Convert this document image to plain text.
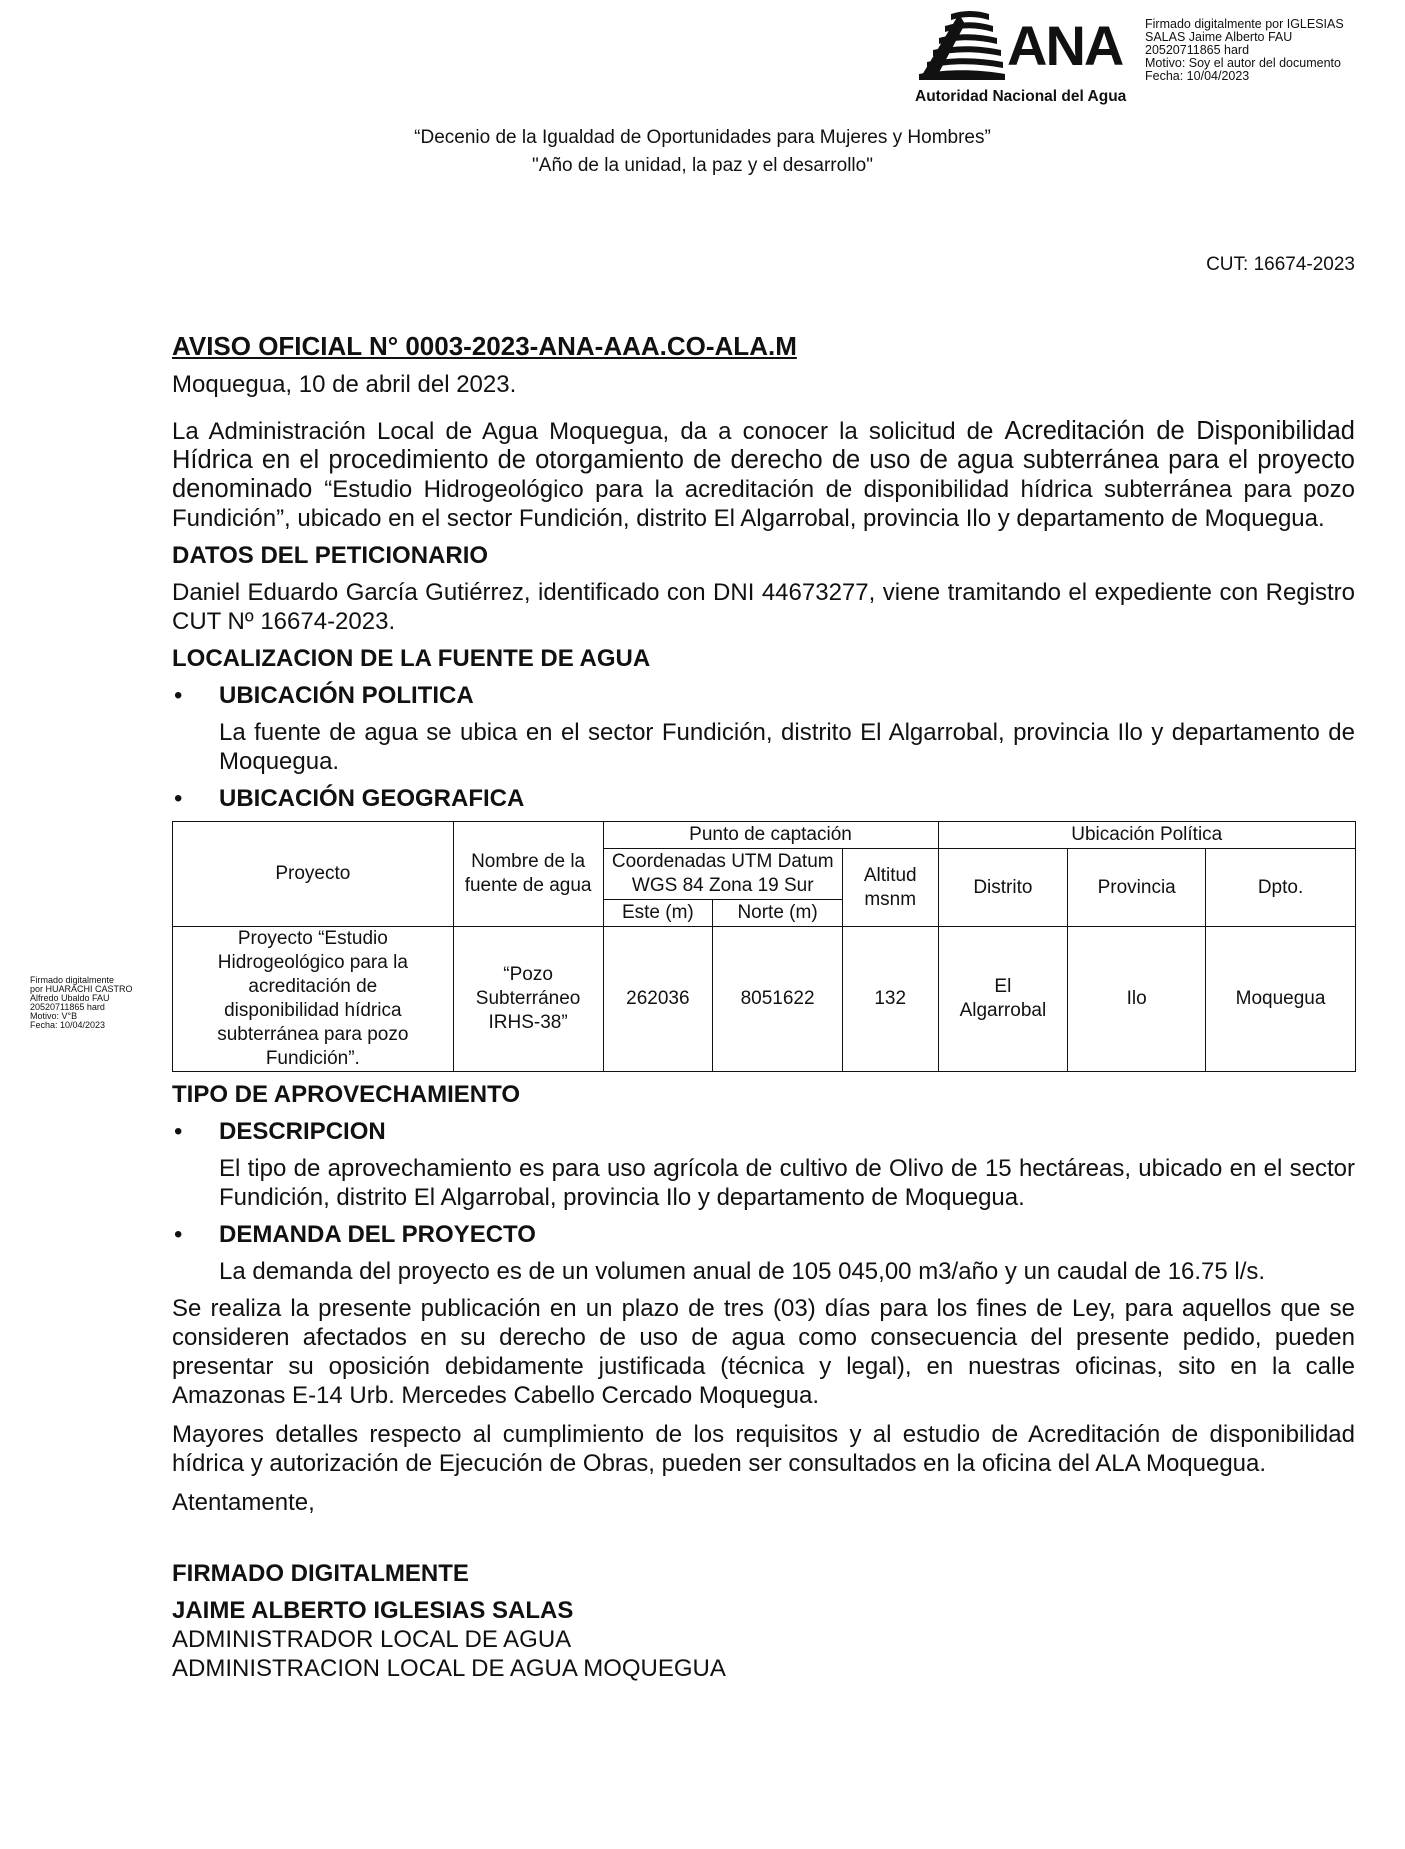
ANA
Autoridad Nacional del Agua
Firmado digitalmente por IGLESIAS
SALAS Jaime Alberto FAU
20520711865 hard
Motivo: Soy el autor del documento
Fecha: 10/04/2023
“Decenio de la Igualdad de Oportunidades para Mujeres y Hombres”
"Año de la unidad, la paz y el desarrollo"
CUT: 16674-2023
Firmado digitalmente
por HUARACHI CASTRO
Alfredo Ubaldo FAU
20520711865 hard
Motivo: V°B
Fecha: 10/04/2023

AVISO OFICIAL N° 0003-2023-ANA-AAA.CO-ALA.M

Moquegua, 10 de abril del 2023.

La Administración Local de Agua Moquegua, da a conocer la solicitud de Acreditación de Disponibilidad Hídrica en el procedimiento de otorgamiento de derecho de uso de agua subterránea para el proyecto denominado “Estudio Hidrogeológico para la acreditación de disponibilidad hídrica subterránea para pozo Fundición”, ubicado en el sector Fundición, distrito El Algarrobal, provincia Ilo y departamento de Moquegua.

DATOS DEL PETICIONARIO

Daniel Eduardo García Gutiérrez, identificado con DNI 44673277, viene tramitando el expediente con Registro CUT Nº 16674-2023.

LOCALIZACION DE LA FUENTE DE AGUA

• UBICACIÓN POLITICA

La fuente de agua se ubica en el sector Fundición, distrito El Algarrobal, provincia Ilo y departamento de Moquegua.

• UBICACIÓN GEOGRAFICA

Proyecto	Nombre de la fuente de agua	Punto de captación			Ubicación Política		
		Coordenadas UTM Datum WGS 84 Zona 19 Sur		Altitud msnm	Distrito	Provincia	Dpto.
		Este (m)	Norte (m)				
Proyecto “Estudio Hidrogeológico para la acreditación de disponibilidad hídrica subterránea para pozo Fundición”.	“Pozo Subterráneo IRHS-38”	262036	8051622	132	El Algarrobal	Ilo	Moquegua

TIPO DE APROVECHAMIENTO

• DESCRIPCION

El tipo de aprovechamiento es para uso agrícola de cultivo de Olivo de 15 hectáreas, ubicado en el sector Fundición, distrito El Algarrobal, provincia Ilo y departamento de Moquegua.

• DEMANDA DEL PROYECTO

La demanda del proyecto es de un volumen anual de 105 045,00 m3/año y un caudal de 16.75 l/s.

Se realiza la presente publicación en un plazo de tres (03) días para los fines de Ley, para aquellos que se consideren afectados en su derecho de uso de agua como consecuencia del presente pedido, pueden presentar su oposición debidamente justificada (técnica y legal), en nuestras oficinas, sito en la calle Amazonas E-14 Urb. Mercedes Cabello Cercado Moquegua.

Mayores detalles respecto al cumplimiento de los requisitos y al estudio de Acreditación de disponibilidad hídrica y autorización de Ejecución de Obras, pueden ser consultados en la oficina del ALA Moquegua.

Atentamente,

FIRMADO DIGITALMENTE

JAIME ALBERTO IGLESIAS SALAS

ADMINISTRADOR LOCAL DE AGUA

ADMINISTRACION LOCAL DE AGUA MOQUEGUA
